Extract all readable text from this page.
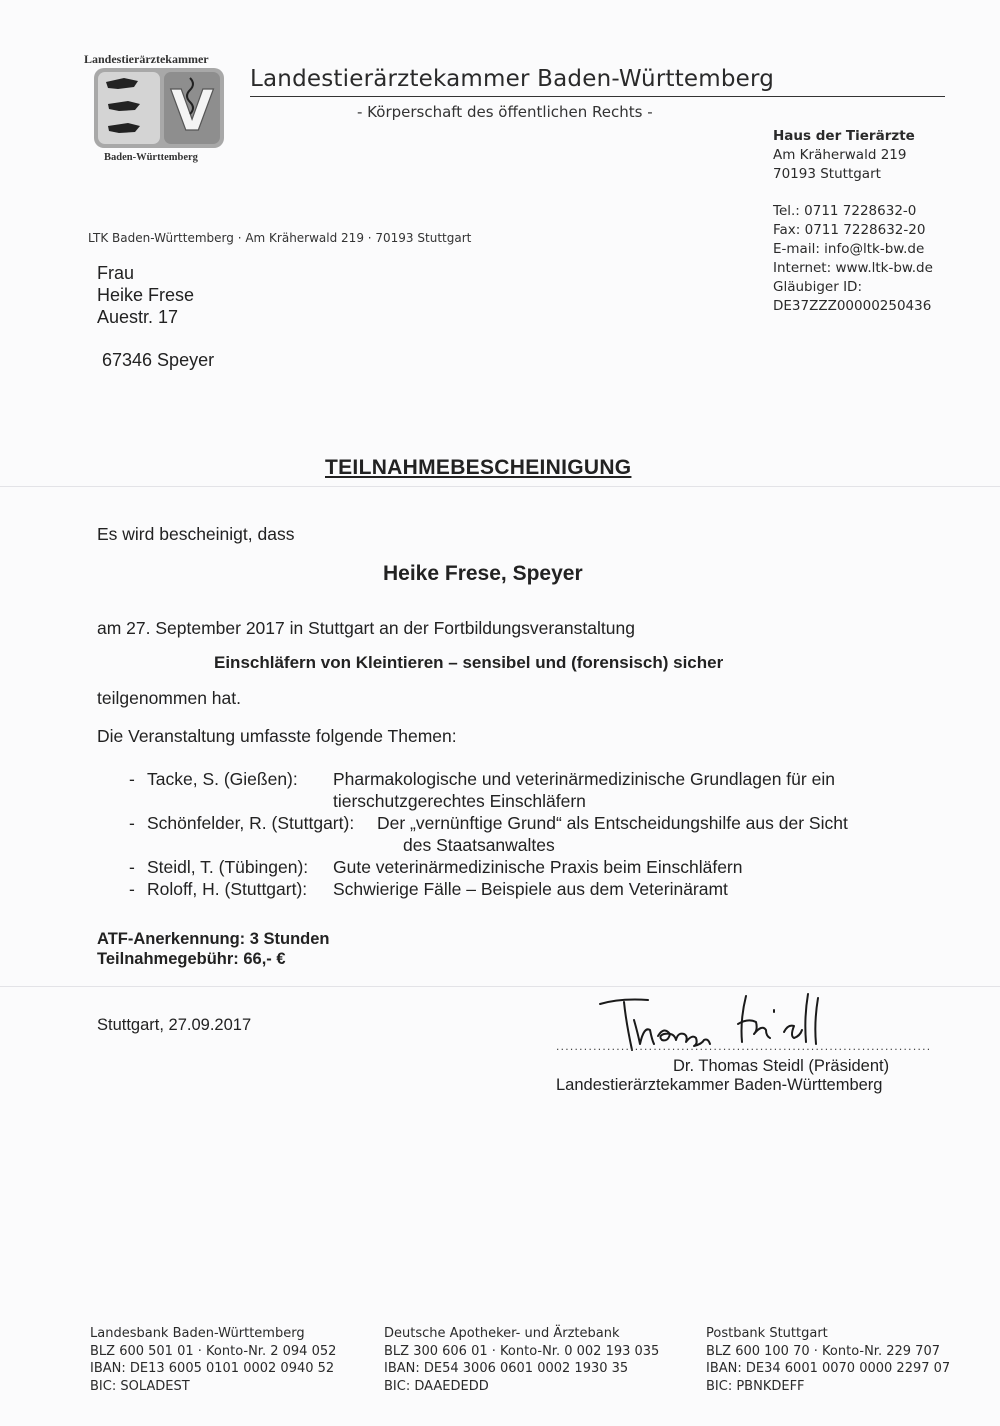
Landestierärztekammer
V
Baden-Württemberg
Landestierärztekammer Baden-Württemberg
- Körperschaft des öffentlichen Rechts -
Haus der Tierärzte
Am Kräherwald 219
70193 Stuttgart
Tel.: 0711 7228632-0
Fax: 0711 7228632-20
E-mail: info@ltk-bw.de
Internet: www.ltk-bw.de
Gläubiger ID:
DE37ZZZ00000250436
LTK Baden-Württemberg · Am Kräherwald 219 · 70193 Stuttgart
Frau
Heike Frese
Auestr. 17
67346 Speyer
TEILNAHMEBESCHEINIGUNG
Es wird bescheinigt, dass
Heike Frese, Speyer
am 27. September 2017 in Stuttgart an der Fortbildungsveranstaltung
Einschläfern von Kleintieren – sensibel und (forensisch) sicher
teilgenommen hat.
Die Veranstaltung umfasste folgende Themen:
- Tacke, S. (Gießen): Pharmakologische und veterinärmedizinische Grundlagen für ein
tierschutzgerechtes Einschläfern
- Schönfelder, R. (Stuttgart): Der „vernünftige Grund“ als Entscheidungshilfe aus der Sicht
des Staatsanwaltes
- Steidl, T. (Tübingen): Gute veterinärmedizinische Praxis beim Einschläfern
- Roloff, H. (Stuttgart): Schwierige Fälle – Beispiele aus dem Veterinäramt
ATF-Anerkennung: 3 Stunden
Teilnahmegebühr: 66,- €
Stuttgart, 27.09.2017
.................................................................................
Dr. Thomas Steidl (Präsident)
Landestierärztekammer Baden-Württemberg
Landesbank Baden-Württemberg
BLZ 600 501 01 · Konto-Nr. 2 094 052
IBAN: DE13 6005 0101 0002 0940 52
BIC: SOLADEST
Deutsche Apotheker- und Ärztebank
BLZ 300 606 01 · Konto-Nr. 0 002 193 035
IBAN: DE54 3006 0601 0002 1930 35
BIC: DAAEDEDD
Postbank Stuttgart
BLZ 600 100 70 · Konto-Nr. 229 707
IBAN: DE34 6001 0070 0000 2297 07
BIC: PBNKDEFF
